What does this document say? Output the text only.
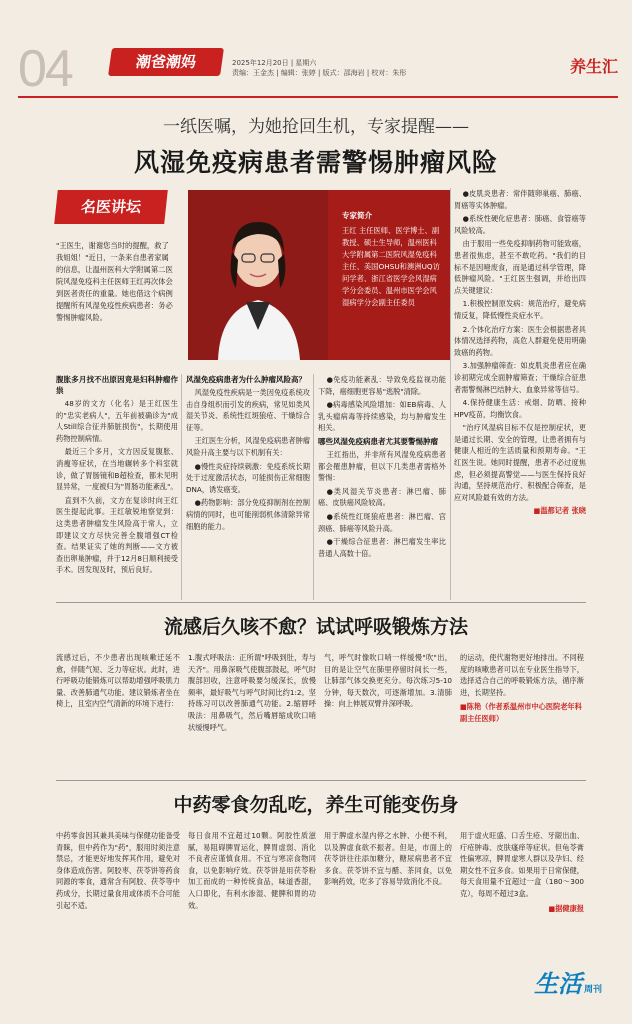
04	潮爸潮妈	2025年12月20日 | 星期六
责编：王金杰 | 编辑：张婷 | 版式：邵海岩 | 校对：朱彤	养生汇
一纸医嘱，为她抢回生机，专家提醒——
风湿免疫病患者需警惕肿瘤风险
名医讲坛
"王医生，谢谢您当时的提醒，救了我姐姐！"近日，一条来自患者家属的信息，让温州医科大学附属第二医院风湿免疫科主任医师王红再次体会到医者责任的重量。她也借这个病例提醒所有风湿免疫性疾病患者：务必警惕肿瘤风险。
专家简介
王红 主任医师、医学博士、副教授、硕士生导师，温州医科大学附属第二医院风湿免疫科主任、美国OHSU和澳洲UQ访问学者、浙江省医学会风湿病学分会委员、温州市医学会风湿病学分会副主任委员
腹胀多月找不出原因竟是妇科肿瘤作祟

48岁的文方（化名）是王红医生的"忠实老病人"，五年前被确诊为"成人Still综合征并肺脏损伤"，长期使用药物控制病情。

最近三个多月，文方因反复腹胀、消瘦等症状，在当地辗转多个科室就诊，做了胃肠镜和B超检查，都未见明显异常，一度被归为"胃肠功能紊乱"。

直到不久前，文方在复诊时向王红医生提起此事。王红敏锐地察觉到：这类患者肿瘤发生风险高于常人，立即建议文方尽快完善全腹增强CT检查。结果证实了她的判断——文方被查出卵巢肿瘤，并于12月8日顺利接受手术。因发现及时，预后良好。

风湿免疫病患者为什么肿瘤风险高？

风湿免疫性疾病是一类因免疫系统攻击自身组织而引发的疾病，常见如类风湿关节炎、系统性红斑狼疮、干燥综合征等。

王红医生分析，风湿免疫病患者肿瘤风险升高主要与以下机制有关：

●慢性炎症持续刺激：免疫系统长期处于过度激活状态，可能损伤正常细胞DNA，诱发癌变。

●药物影响：部分免疫抑制剂在控制病情的同时，也可能削弱机体清除异常细胞的能力。

●免疫功能紊乱：导致免疫监视功能下降，癌细胞更容易"逃脱"清除。

●病毒感染风险增加：如EB病毒、人乳头瘤病毒等持续感染，均与肿瘤发生相关。

哪些风湿免疫病患者尤其要警惕肿瘤

王红指出，并非所有风湿免疫病患者都会罹患肿瘤，但以下几类患者需格外警惕：

●类风湿关节炎患者：淋巴瘤、肺癌、皮肤癌风险较高。

●系统性红斑狼疮患者：淋巴瘤、宫颈癌、肺癌等风险升高。

●干燥综合征患者：淋巴瘤发生率比普通人高数十倍。

●皮肌炎患者：常伴随卵巢癌、肺癌、胃癌等实体肿瘤。

●系统性硬化症患者：肺癌、食管癌等风险较高。

由于服用一些免疫抑制药物可能致癌，患者很焦虑，甚至不敢吃药。"我们的目标不是因噎废食，而是通过科学管理，降低肿瘤风险。"王红医生强调，并给出四点关键建议：

1.积极控制原发病：规范治疗，避免病情反复，降低慢性炎症水平。

2.个体化治疗方案：医生会根据患者具体情况选择药物，高危人群避免使用明确致癌的药物。

3.加强肿瘤筛查：如皮肌炎患者应在确诊初期完成全面肿瘤筛查；干燥综合征患者需警惕淋巴结肿大、血象异常等信号。

4.保持健康生活：戒烟、防晒、接种HPV疫苗，均衡饮食。

"治疗风湿病目标不仅是控制症状，更是通过长期、安全的管理，让患者拥有与健康人相近的生活质量和预期寿命。"王红医生说。她同时提醒，患者不必过度焦虑，但必须提高警觉——与医生保持良好沟通，坚持规范治疗、积极配合筛查，是应对风险最有效的方法。

■温都记者 张晓
流感后久咳不愈？试试呼吸锻炼方法
流感过后，不少患者出现咳嗽迁延不愈，伴随气短、乏力等症状。此时，进行呼吸功能锻炼可以帮助增强呼吸肌力量、改善肺通气功能。建议锻炼者坐在椅上，且室内空气清新的环境下进行：
1.腹式呼吸法：正所谓"呼吸到肚，寿与天齐"。用鼻深吸气使腹部鼓起，呼气时腹部回收，注意呼吸要匀缓深长，放慢频率，最好吸气与呼气时间比约1:2。坚持练习可以改善肺通气功能。2.缩唇呼吸法：用鼻吸气，然后嘴唇缩成吹口哨状缓慢呼气。
气，呼气时像吹口哨一样缓慢"吹"出，目的是让空气在肺里停留时间长一些，让肺部气体交换更充分。每次练习5-10分钟，每天数次，可逐渐增加。3.清肺操：向上伸展双臂并深呼吸。
的运动，使代谢物更好地排出。不同程度的咳嗽患者可以在专业医生指导下，选择适合自己的呼吸锻炼方法，循序渐进，长期坚持。
■陈艳（作者系温州市中心医院老年科副主任医师）
中药零食勿乱吃，养生可能变伤身
中药零食因其兼具美味与保健功能备受青睐，但中药作为"药"，服用时须注意禁忌，才能更好地发挥其作用，避免对身体造成伤害。阿胶枣、茯苓饼等药食同源的零食，通常含有阿胶、茯苓等中药成分，长期过量食用或体质不合可能引起不适。
每日食用不宜超过10颗。阿胶性质滋腻，易阻碍脾胃运化，脾胃虚弱、消化不良者应谨慎食用。不宜与寒凉食物同食，以免影响疗效。茯苓饼是用茯苓粉加工而成的一种传统食品，味道香甜，入口即化，有利水渗湿、健脾和胃的功效。
用于脾虚水湿内停之水肿、小便不利，以及脾虚食欲不振者。但是，市面上的茯苓饼往往添加糖分，糖尿病患者不宜多食。茯苓饼不宜与醋、茶同食，以免影响药效，吃多了容易导致消化不良。
用于虚火旺盛、口舌生疮、牙龈出血、疔疮肿毒、皮肤瘙痒等症状。但龟苓膏性偏寒凉，脾胃虚寒人群以及孕妇、经期女性不宜多食。如果用于日常保健，每天食用量不宜超过一盒（180～300克），每周不超过3盒。
■据健康报
生活 周刊
